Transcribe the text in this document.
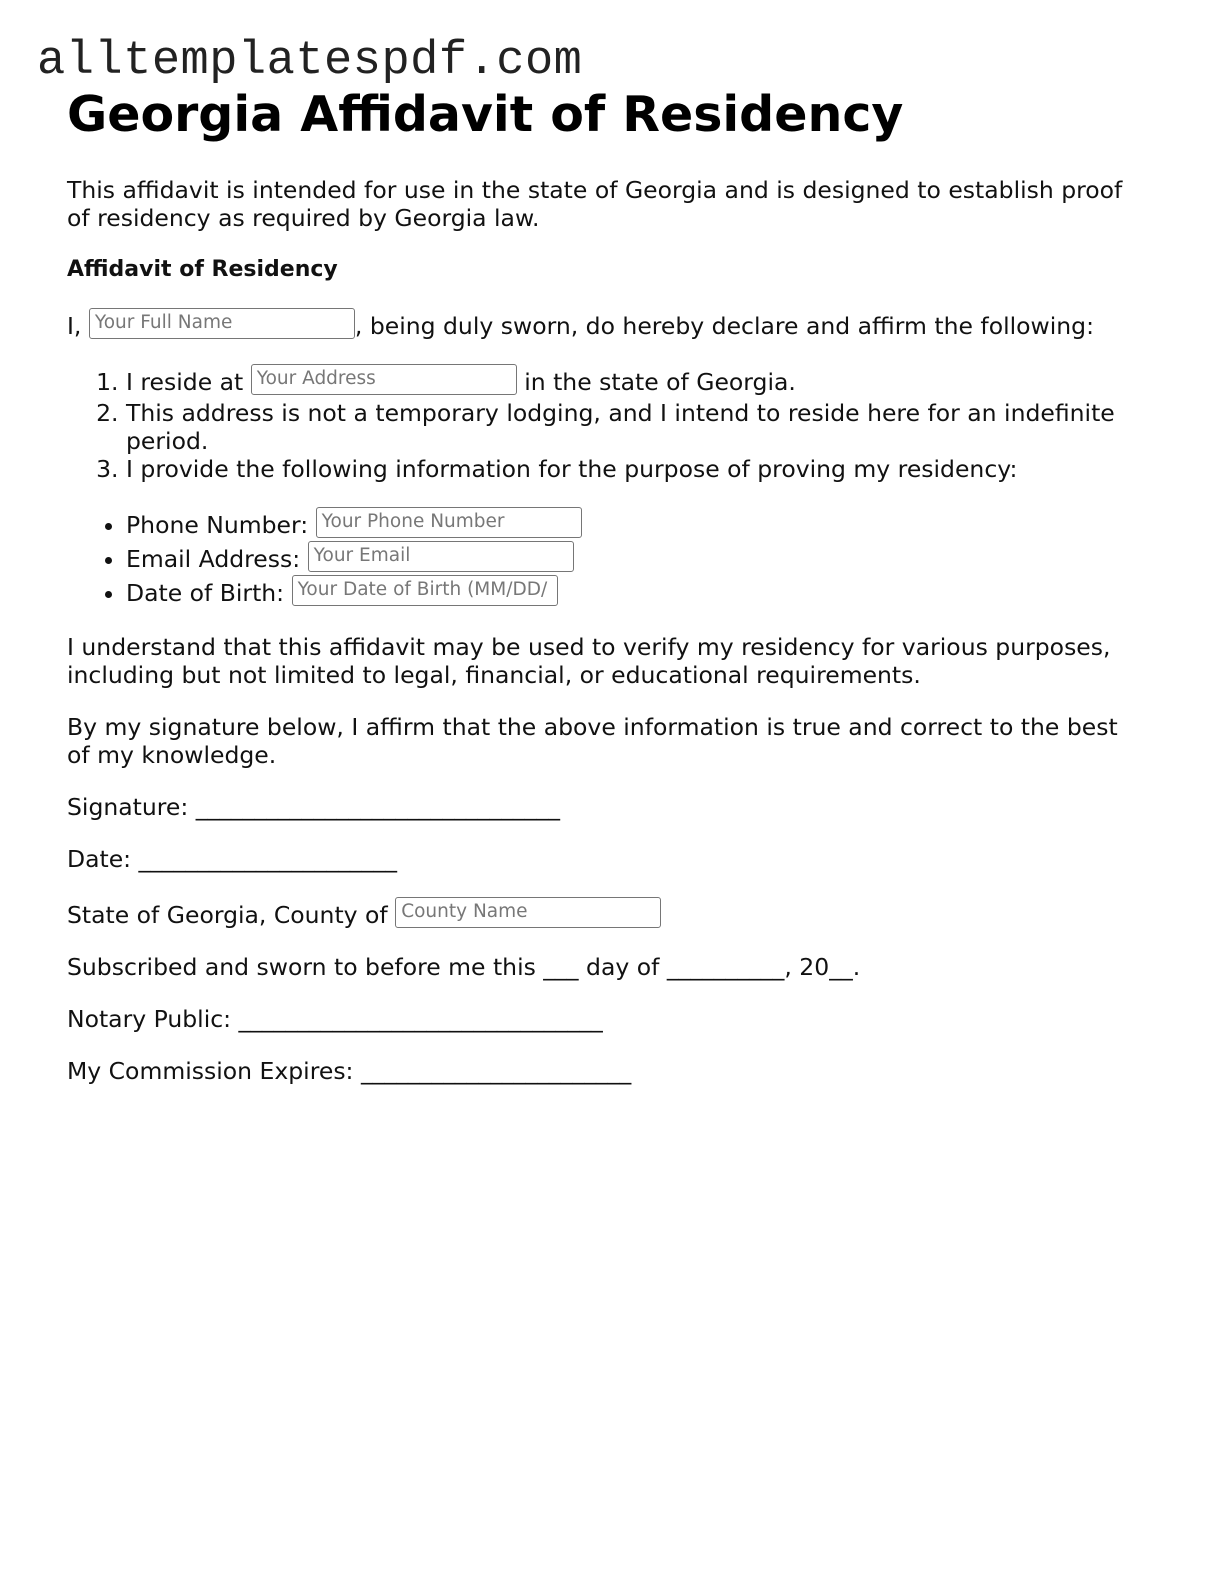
alltemplatespdf.com
Georgia Affidavit of Residency

This affidavit is intended for use in the state of Georgia and is designed to establish proof of residency as required by Georgia law.

Affidavit of Residency

I, Your Full Name	, being duly sworn, do hereby declare and affirm the following:

1. I reside at Your Address	in the state of Georgia.
2. This address is not a temporary lodging, and I intend to reside here for an indefinite period.
3. I provide the following information for the purpose of proving my residency:
• Phone Number: Your Phone Number
• Email Address: Your Email
• Date of Birth: Your Date of Birth (MM/DD/

I understand that this affidavit may be used to verify my residency for various purposes, including but not limited to legal, financial, or educational requirements.

By my signature below, I affirm that the above information is true and correct to the best of my knowledge.

Signature: _______________________________

Date: ______________________

State of Georgia, County of County Name

Subscribed and sworn to before me this ___ day of __________, 20__.

Notary Public: _______________________________

My Commission Expires: _______________________
